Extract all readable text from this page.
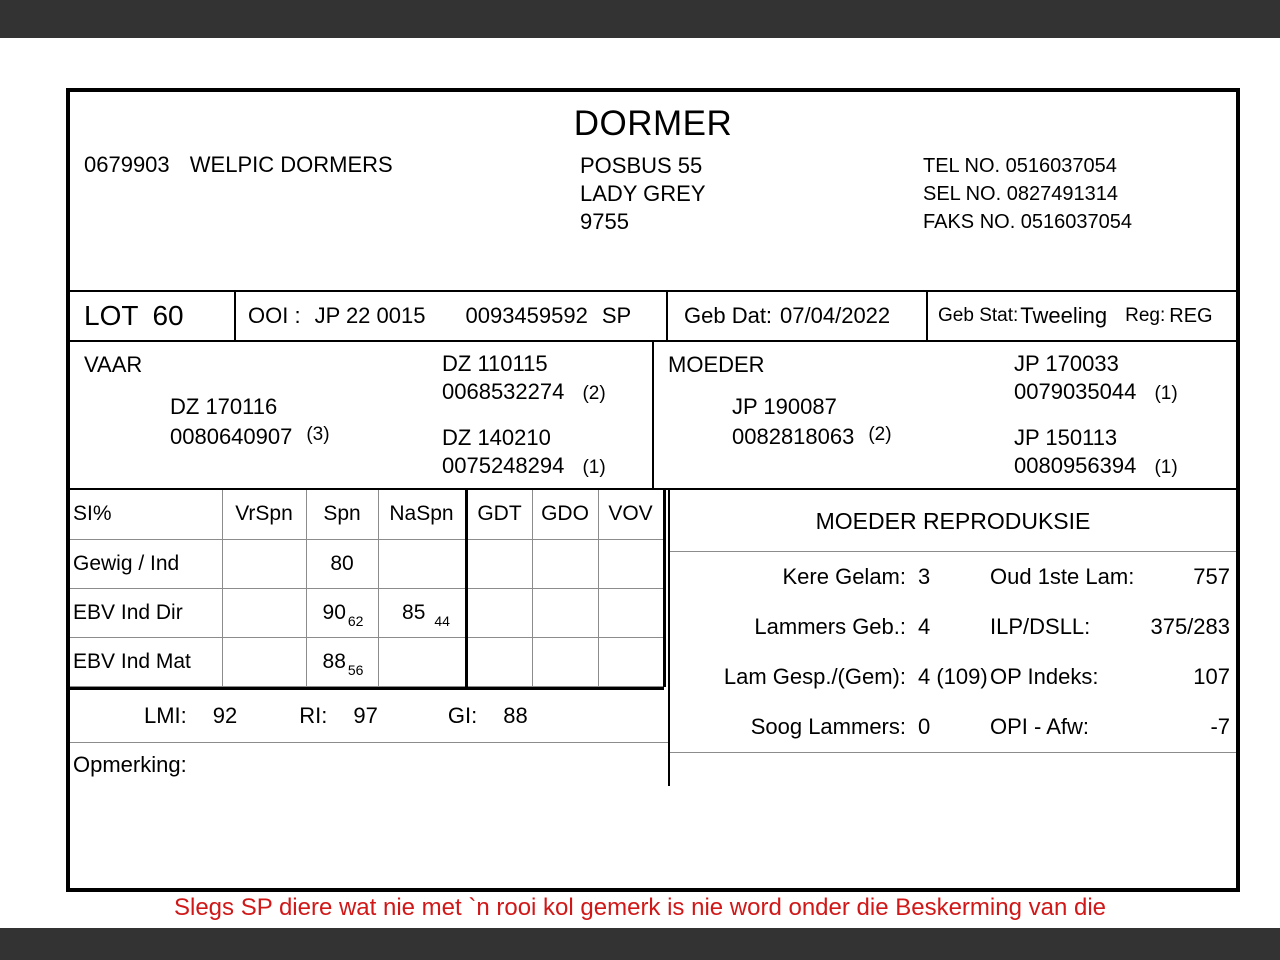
DORMER
0679903 WELPIC DORMERS	POSBUS 55
LADY GREY
9755
TEL NO. 0516037054
SEL NO. 0827491314
FAKS NO. 0516037054
LOT 60	OOI : JP 22 0015 0093459592 SP Geb Dat: 07/04/2022	Geb Stat: Tweeling Reg: REG
VAAR
DZ 170116
0080640907 (3)
DZ 110115
0068532274 (2)
DZ 140210
0075248294 (1)
MOEDER
JP 190087
0082818063 (2)
JP 170033
0079035044 (1)
JP 150113
0080956394 (1)
SI%	VrSpn	Spn	NaSpn	GDT	GDO	VOV
Gewig / Ind		80				
EBV Ind Dir		90 $_{62}$	85 $_{44}$			
EBV Ind Mat		88 $_{56}$				
LMI: 92	RI: 97	GI: 88
Opmerking:
MOEDER REPRODUKSIE
Kere Gelam: 3	Oud 1ste Lam:	757
Lammers Geb.: 4	ILP/DSLL:	375/283
Lam Gesp./(Gem): 4 (109) OP Indeks:	107
Soog Lammers: 0	OPI - Afw:	-7
Slegs SP diere wat nie met `n rooi kol gemerk is nie word onder die Beskerming van die
